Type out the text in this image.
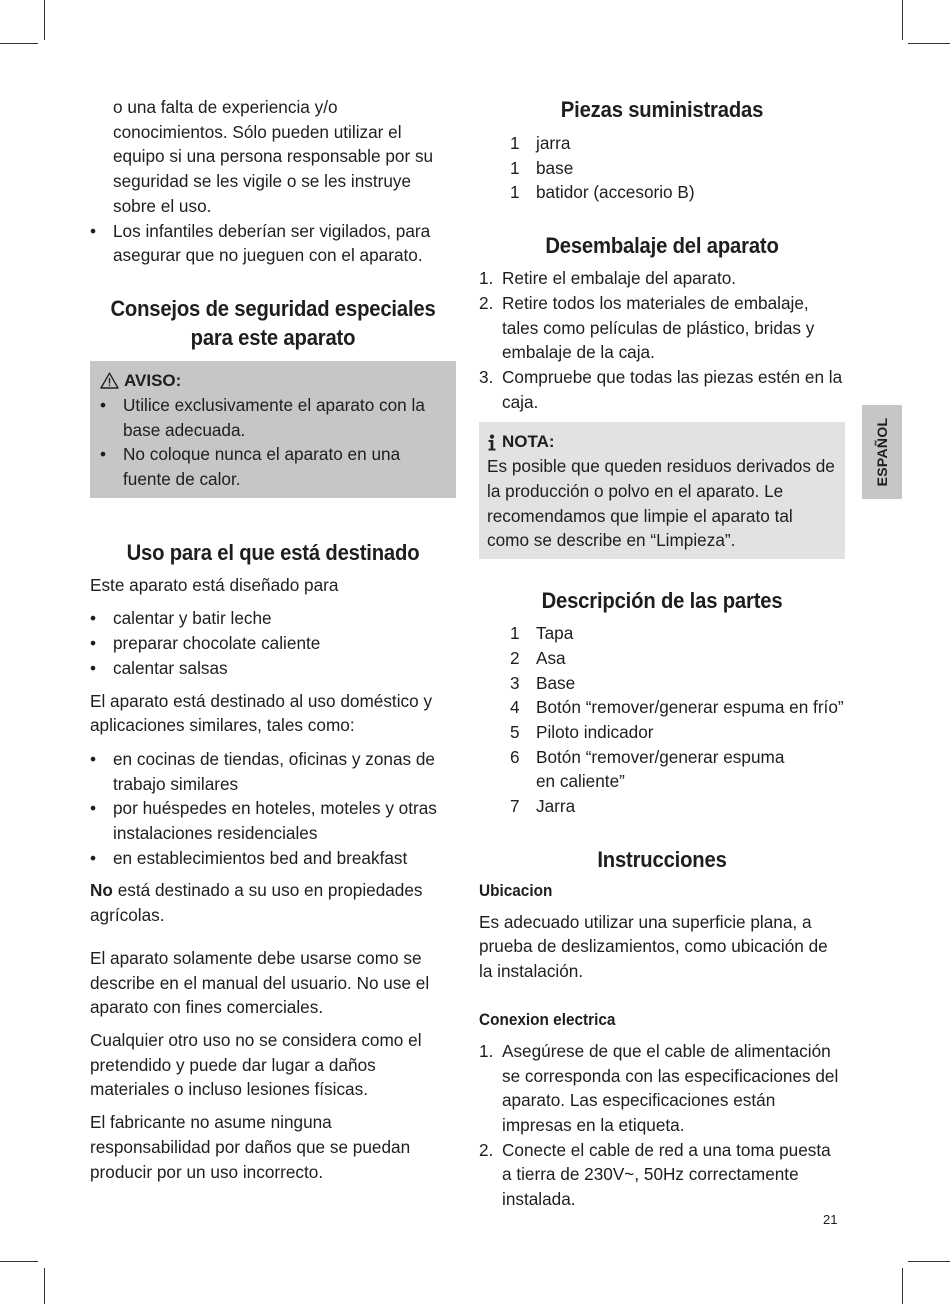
o una falta de experiencia y/o conocimientos. Sólo pueden utilizar el equipo si una persona responsable por su seguridad se les vigile o se les instruye sobre el uso.

• Los infantiles deberían ser vigilados, para asegurar que no jueguen con el aparato.

Consejos de seguridad especiales
para este aparato

AVISO:
• Utilice exclusivamente el aparato con la base adecuada.
• No coloque nunca el aparato en una fuente de calor.

Uso para el que está destinado

Este aparato está diseñado para

• calentar y batir leche
• preparar chocolate caliente
• calentar salsas

El aparato está destinado al uso doméstico y aplicaciones similares, tales como:

• en cocinas de tiendas, oficinas y zonas de trabajo similares
• por huéspedes en hoteles, moteles y otras instalaciones residenciales
• en establecimientos bed and breakfast

No está destinado a su uso en propiedades agrícolas.

El aparato solamente debe usarse como se describe en el manual del usuario. No use el aparato con fines comerciales.

Cualquier otro uso no se considera como el pretendido y puede dar lugar a daños materiales o incluso lesiones físicas.

El fabricante no asume ninguna responsabilidad por daños que se puedan producir por un uso incorrecto.

Piezas suministradas

1 jarra
1 base
1 batidor (accesorio B)

Desembalaje del aparato

1. Retire el embalaje del aparato.
2. Retire todos los materiales de embalaje, tales como películas de plástico, bridas y embalaje de la caja.
3. Compruebe que todas las piezas estén en la caja.
NOTA:

Es posible que queden residuos derivados de la producción o polvo en el aparato. Le recomendamos que limpie el aparato tal como se describe en “Limpieza”.

Descripción de las partes

1 Tapa
2 Asa
3 Base
4 Botón “remover/generar espuma en frío”
5 Piloto indicador
6 Botón “remover/generar espuma en caliente”
7 Jarra

Instrucciones

Ubicacion

Es adecuado utilizar una superficie plana, a prueba de deslizamientos, como ubicación de la instalación.

Conexion electrica

1. Asegúrese de que el cable de alimentación se corresponda con las especificaciones del aparato. Las especificaciones están impresas en la etiqueta.
2. Conecte el cable de red a una toma puesta a tierra de 230V~, 50Hz correctamente instalada.
ESPAÑOL
21
